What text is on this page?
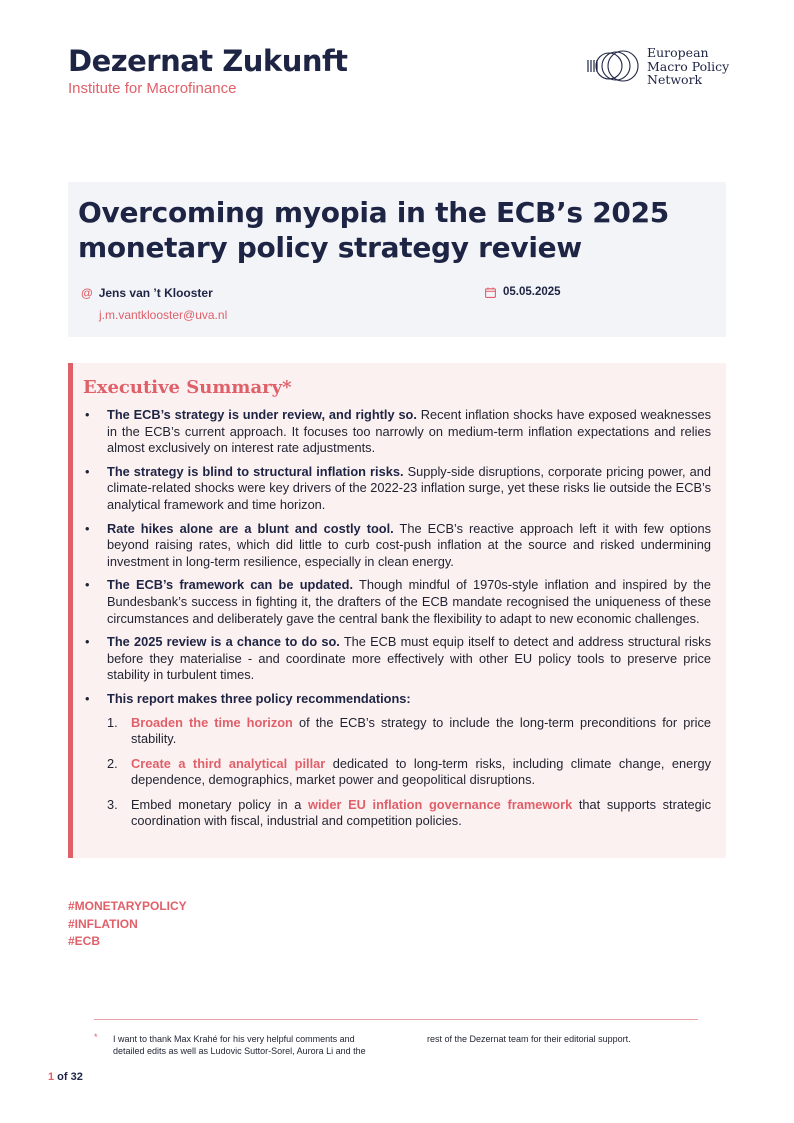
Dezernat Zukunft
Institute for Macrofinance
European
Macro Policy
Network
Overcoming myopia in the ECB’s 2025 monetary policy strategy review
@ Jens van ’t Klooster
j.m.vantklooster@uva.nl
05.05.2025
Executive Summary*
• The ECB’s strategy is under review, and rightly so. Recent inflation shocks have exposed weaknesses in the ECB’s current approach. It focuses too narrowly on medium-term inflation expectations and relies almost exclusively on interest rate adjustments.
• The strategy is blind to structural inflation risks. Supply-side disruptions, corporate pricing power, and climate-related shocks were key drivers of the 2022-23 inflation surge, yet these risks lie outside the ECB’s analytical framework and time horizon.
• Rate hikes alone are a blunt and costly tool. The ECB’s reactive approach left it with few options beyond raising rates, which did little to curb cost-push inflation at the source and risked undermining investment in long-term resilience, especially in clean energy.
• The ECB’s framework can be updated. Though mindful of 1970s-style inflation and inspired by the Bundesbank’s success in fighting it, the drafters of the ECB mandate recognised the uniqueness of these circumstances and deliberately gave the central bank the flexibility to adapt to new economic challenges.
• The 2025 review is a chance to do so. The ECB must equip itself to detect and address structural risks before they materialise - and coordinate more effectively with other EU policy tools to preserve price stability in turbulent times.
• This report makes three policy recommendations:
1. Broaden the time horizon of the ECB’s strategy to include the long-term preconditions for price stability.
2. Create a third analytical pillar dedicated to long-term risks, including climate change, energy dependence, demographics, market power and geopolitical disruptions.
3. Embed monetary policy in a wider EU inflation governance framework that supports strategic coordination with fiscal, industrial and competition policies.
#MONETARYPOLICY
#INFLATION
#ECB
* I want to thank Max Krahé for his very helpful comments and detailed edits as well as Ludovic Suttor-Sorel, Aurora Li and the
rest of the Dezernat team for their editorial support.
1 of 32
